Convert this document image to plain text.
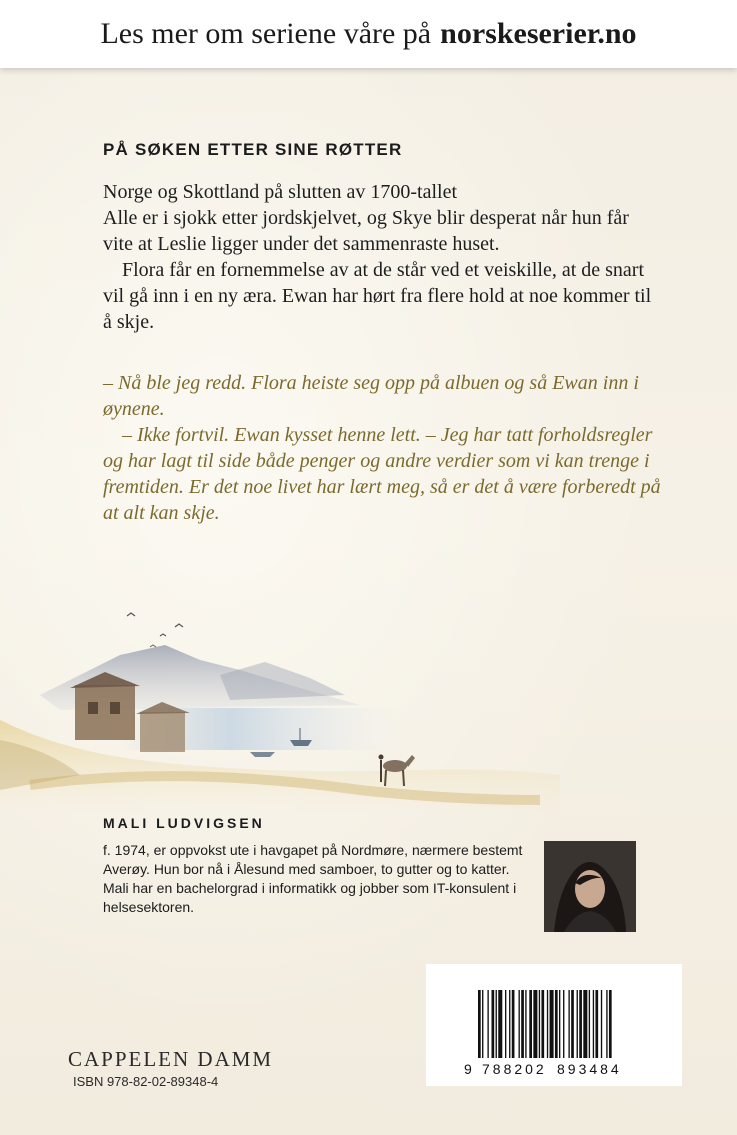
Les mer om seriene våre på norskeserier.no
PÅ SØKEN ETTER SINE RØTTER

Norge og Skottland på slutten av 1700-tallet

Alle er i sjokk etter jordskjelvet, og Skye blir desperat når hun får vite at Leslie ligger under det sammenraste huset.

Flora får en fornemmelse av at de står ved et veiskille, at de snart vil gå inn i en ny æra. Ewan har hørt fra flere hold at noe kommer til å skje.

– Nå ble jeg redd. Flora heiste seg opp på albuen og så Ewan inn i øynene.

– Ikke fortvil. Ewan kysset henne lett. – Jeg har tatt forholdsregler og har lagt til side både penger og andre verdier som vi kan trenge i fremtiden. Er det noe livet har lært meg, så er det å være forberedt på at alt kan skje.

MALI LUDVIGSEN

f. 1974, er oppvokst ute i havgapet på Nordmøre, nærmere bestemt Averøy. Hun bor nå i Ålesund med samboer, to gutter og to katter. Mali har en bachelorgrad i informatikk og jobber som IT-konsulent i helsesektoren.

9 788202 893484
CAPPELEN DAMM
ISBN 978-82-02-89348-4
